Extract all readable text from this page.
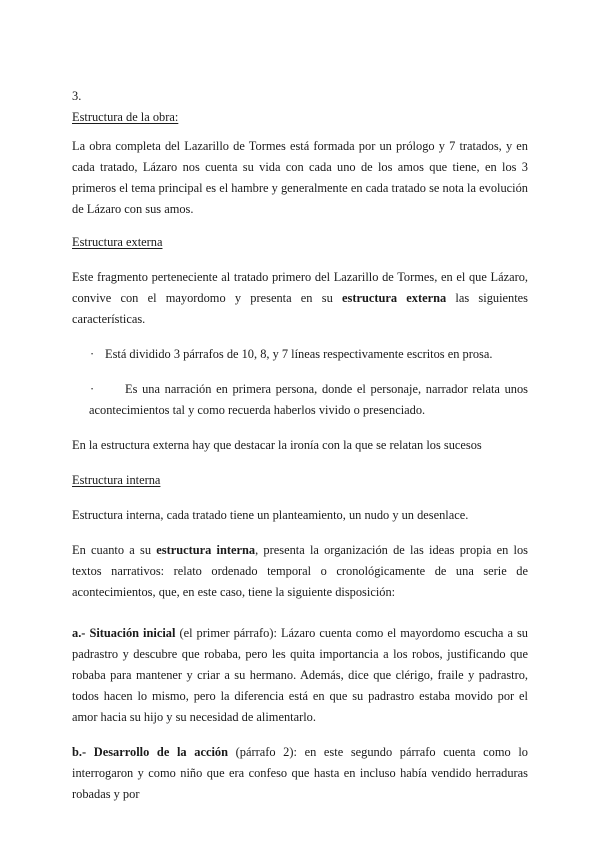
3.

Estructura de la obra:

La obra completa del Lazarillo de Tormes está formada por un prólogo y 7 tratados, y en cada tratado, Lázaro nos cuenta su vida con cada uno de los amos que tiene, en los 3 primeros el tema principal es el hambre y generalmente en cada tratado se nota la evolución de Lázaro con sus amos.

Estructura externa

Este fragmento perteneciente al tratado primero del Lazarillo de Tormes, en el que Lázaro, convive con el mayordomo y presenta en su estructura externa las siguientes características.

· Está dividido 3 párrafos de 10, 8, y 7 líneas respectivamente escritos en prosa.

·	Es una narración en primera persona, donde el personaje, narrador relata unos acontecimientos tal y como recuerda haberlos vivido o presenciado.

En la estructura externa hay que destacar la ironía con la que se relatan los sucesos

Estructura interna

Estructura interna, cada tratado tiene un planteamiento, un nudo y un desenlace.

En cuanto a su estructura interna, presenta la organización de las ideas propia en los textos narrativos: relato ordenado temporal o cronológicamente de una serie de acontecimientos, que, en este caso, tiene la siguiente disposición:

a.- Situación inicial (el primer párrafo): Lázaro cuenta como el mayordomo escucha a su padrastro y descubre que robaba, pero les quita importancia a los robos, justificando que robaba para mantener y criar a su hermano. Además, dice que clérigo, fraile y padrastro, todos hacen lo mismo, pero la diferencia está en que su padrastro estaba movido por el amor hacia su hijo y su necesidad de alimentarlo.

b.- Desarrollo de la acción (párrafo 2): en este segundo párrafo cuenta como lo interrogaron y como niño que era confeso que hasta en incluso había vendido herraduras robadas y por
